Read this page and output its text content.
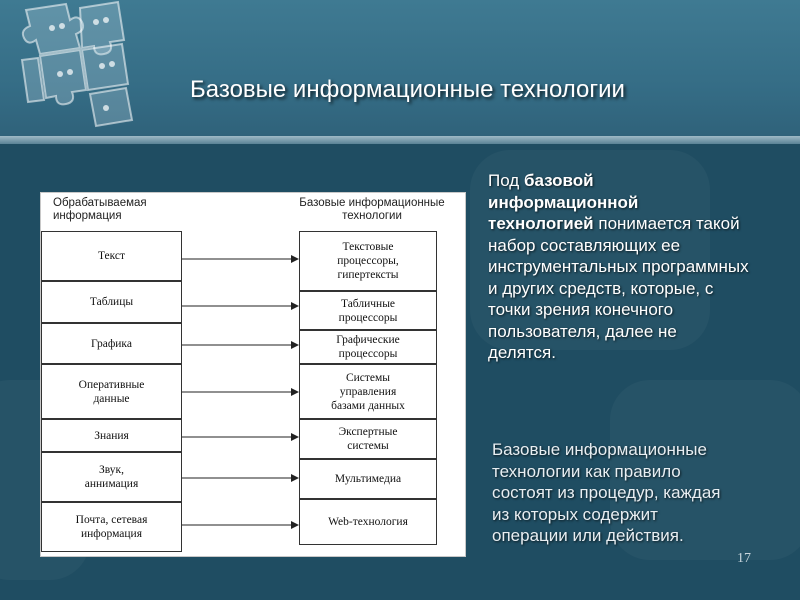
Базовые информационные технологии
Обрабатываемая
информация
Базовые информационные
технологии
Текст
Таблицы
Графика
Оперативные
данные
Знания
Звук,
аннимация
Почта, сетевая
информация
Текстовые
процессоры,
гипертексты
Табличные
процессоры
Графические
процессоры
Системы
управления
базами данных
Экспертные
системы
Мультимедиа
Web-технология
Под базовой
информационной
технологией понимается такой
набор составляющих ее
инструментальных программных
и других средств, которые, с
точки зрения конечного
пользователя, далее не
делятся.
Базовые информационные
технологии как правило
состоят из процедур, каждая
из которых содержит
операции или действия.
17
